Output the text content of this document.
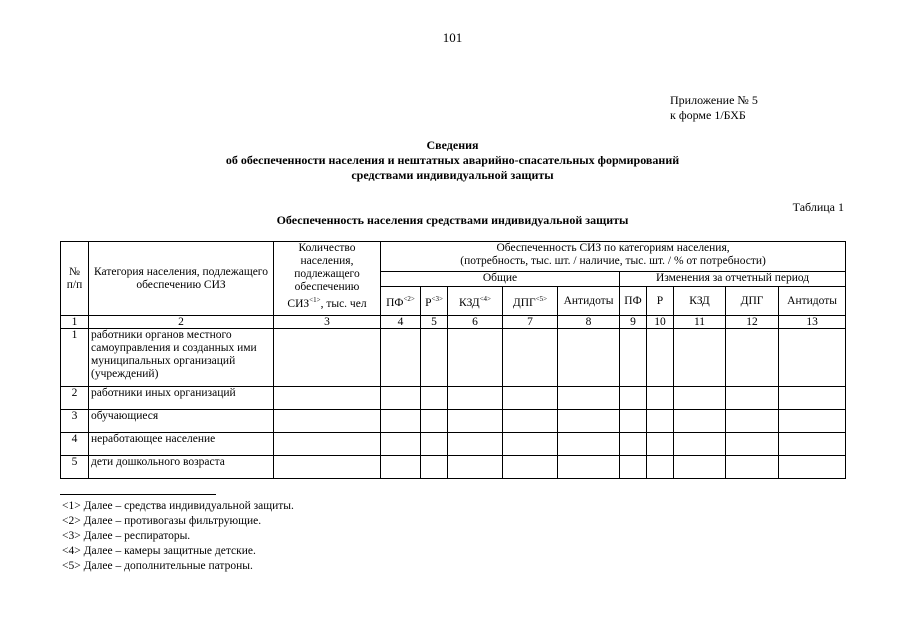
101
Приложение № 5
к форме 1/БХБ
Сведения
об обеспеченности населения и нештатных аварийно-спасательных формирований
средствами индивидуальной защиты
Таблица 1
Обеспеченность населения средствами индивидуальной защиты
№ п/п	Категория населения, подлежащего обеспечению СИЗ	Количество населения, подлежащего обеспечению $СИЗ^{<1>}$, тыс. чел	Обеспеченность СИЗ по категориям населения,
(потребность, тыс. шт. / наличие, тыс. шт. / % от потребности)									

			Общие					Изменения за отчетный период				
			$ПФ^{<2>}$	$Р^{<3>}$	$КЗД^{<4>}$	$ДПГ^{<5>}$	Антидоты	ПФ	Р	КЗД	ДПГ	Антидоты
1	2	3	4	5	6	7	8	9	10	11	12	13
1	работники органов местного самоуправления и созданных ими муниципальных организаций (учреждений)											
2	работники иных организаций											
3	обучающиеся											
4	неработающее население											
5	дети дошкольного возраста											
<1> Далее – средства индивидуальной защиты.
<2> Далее – противогазы фильтрующие.
<3> Далее – респираторы.
<4> Далее – камеры защитные детские.
<5> Далее – дополнительные патроны.
